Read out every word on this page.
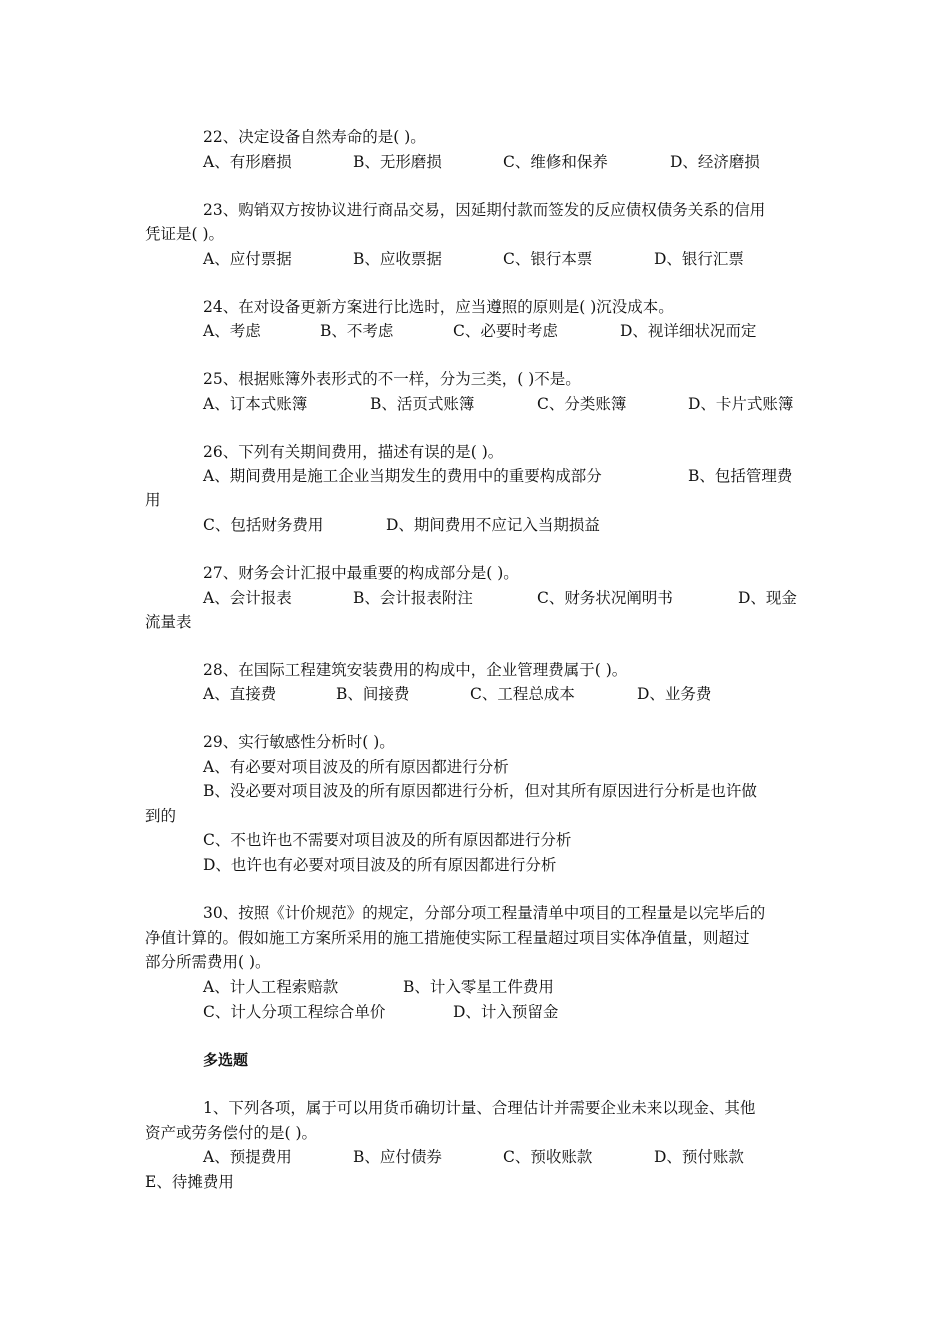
22、决定设备自然寿命的是( )。
A、有形磨损	B、无形磨损	C、维修和保养	D、经济磨损
23、购销双方按协议进行商品交易，因延期付款而签发的反应债权债务关系的信用
凭证是( )。
A、应付票据	B、应收票据	C、银行本票	D、银行汇票
24、在对设备更新方案进行比选时，应当遵照的原则是( )沉没成本。
A、考虑	B、不考虑	C、必要时考虑	D、视详细状况而定
25、根据账簿外表形式的不一样，分为三类，( )不是。
A、订本式账簿	B、活页式账簿	C、分类账簿	D、卡片式账簿
26、下列有关期间费用，描述有误的是( )。
A、期间费用是施工企业当期发生的费用中的重要构成部分	B、包括管理费
用
C、包括财务费用	D、期间费用不应记入当期损益
27、财务会计汇报中最重要的构成部分是( )。
A、会计报表	B、会计报表附注	C、财务状况阐明书	D、现金
流量表
28、在国际工程建筑安装费用的构成中，企业管理费属于( )。
A、直接费	B、间接费	C、工程总成本	D、业务费
29、实行敏感性分析时( )。
A、有必要对项目波及的所有原因都进行分析
B、没必要对项目波及的所有原因都进行分析，但对其所有原因进行分析是也许做
到的
C、不也许也不需要对项目波及的所有原因都进行分析
D、也许也有必要对项目波及的所有原因都进行分析
30、按照《计价规范》的规定，分部分项工程量清单中项目的工程量是以完毕后的
净值计算的。假如施工方案所采用的施工措施使实际工程量超过项目实体净值量，则超过
部分所需费用( )。
A、计人工程索赔款	B、计入零星工件费用
C、计人分项工程综合单价	D、计入预留金
多选题
1、下列各项，属于可以用货币确切计量、合理估计并需要企业未来以现金、其他
资产或劳务偿付的是( )。
A、预提费用	B、应付债券	C、预收账款	D、预付账款
E、待摊费用
